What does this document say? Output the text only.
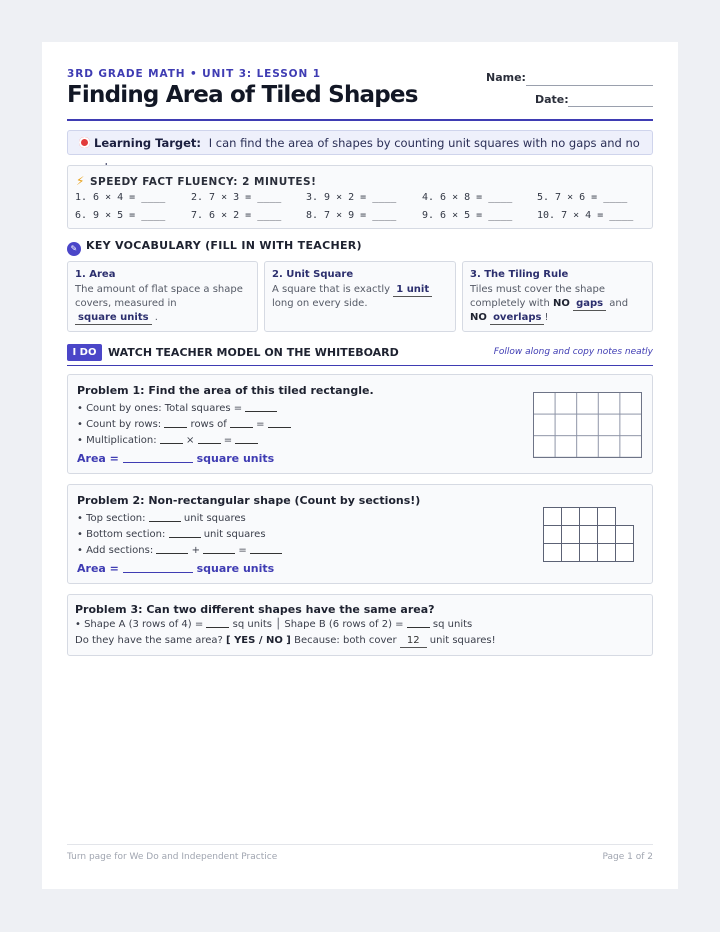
3RD GRADE MATH • UNIT 3: LESSON 1
Finding Area of Tiled Shapes
Name:
Date:
Learning Target: I can find the area of shapes by counting unit squares with no gaps and no
⚡ SPEEDY FACT FLUENCY: 2 MINUTES!
1. 6 × 4 = ____	2. 7 × 3 = ____ 3. 9 × 2 = ____	4. 6 × 8 = ____ 5. 7 × 6 = ____
6. 9 × 5 = ____	7. 6 × 2 = ____ 8. 7 × 9 = ____	9. 6 × 5 = ____ 10. 7 × 4 = ____
✎ KEY VOCABULARY (FILL IN WITH TEACHER)
1. Area
The amount of flat space a shape covers, measured in square units .
2. Unit Square
A square that is exactly 1 unit long on every side.
3. The Tiling Rule
Tiles must cover the shape completely with NO gaps and NO overlaps !
I DO	WATCH TEACHER MODEL ON THE WHITEBOARD	Follow along and copy notes neatly
Problem 1: Find the area of this tiled rectangle.
• Count by ones: Total squares =
• Count by rows:	rows of	=
• Multiplication:	×	=
Area =	square units
Problem 2: Non-rectangular shape (Count by sections!)
• Top section:	unit squares
• Bottom section:	unit squares
• Add sections:	+	=
Area =	square units
Problem 3: Can two different shapes have the same area?
• Shape A (3 rows of 4) =	sq units │ Shape B (6 rows of 2) =	sq units
Do they have the same area? [ YES / NO ] Because: both cover 12 unit squares!
Turn page for We Do and Independent Practice	Page 1 of 2
